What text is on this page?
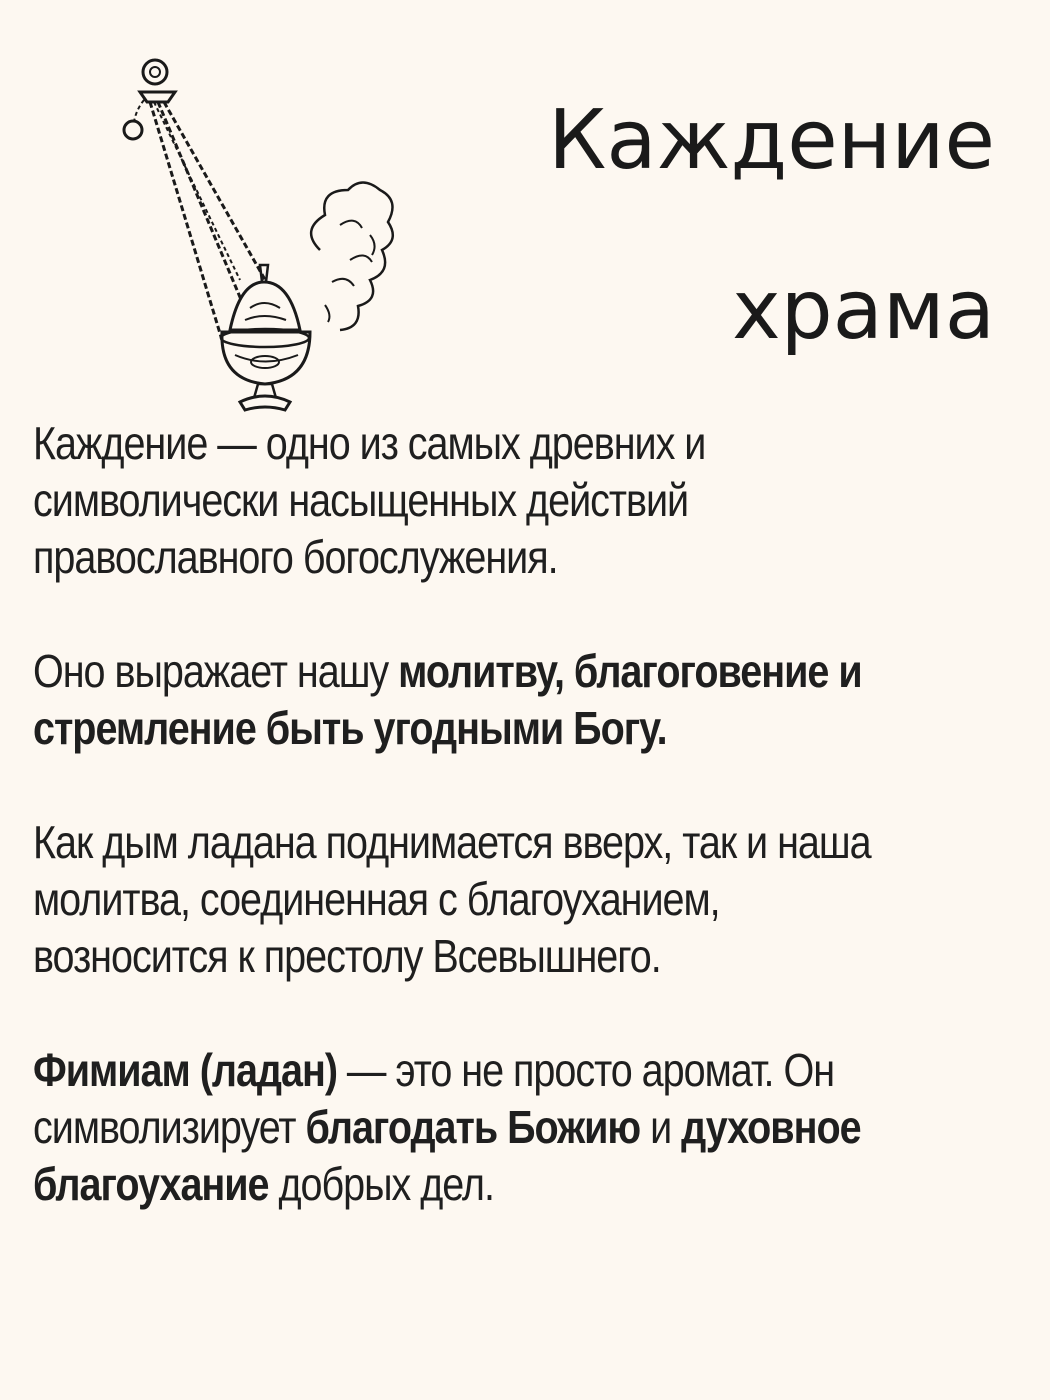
Каждение
храма

Каждение — одно из самых древних и символически насыщенных действий православного богослужения.

Оно выражает нашу молитву, благоговение и стремление быть угодными Богу.

Как дым ладана поднимается вверх, так и наша молитва, соединенная с благоуханием, возносится к престолу Всевышнего.

Фимиам (ладан) — это не просто аромат. Он символизирует благодать Божию и духовное благоухание добрых дел.
